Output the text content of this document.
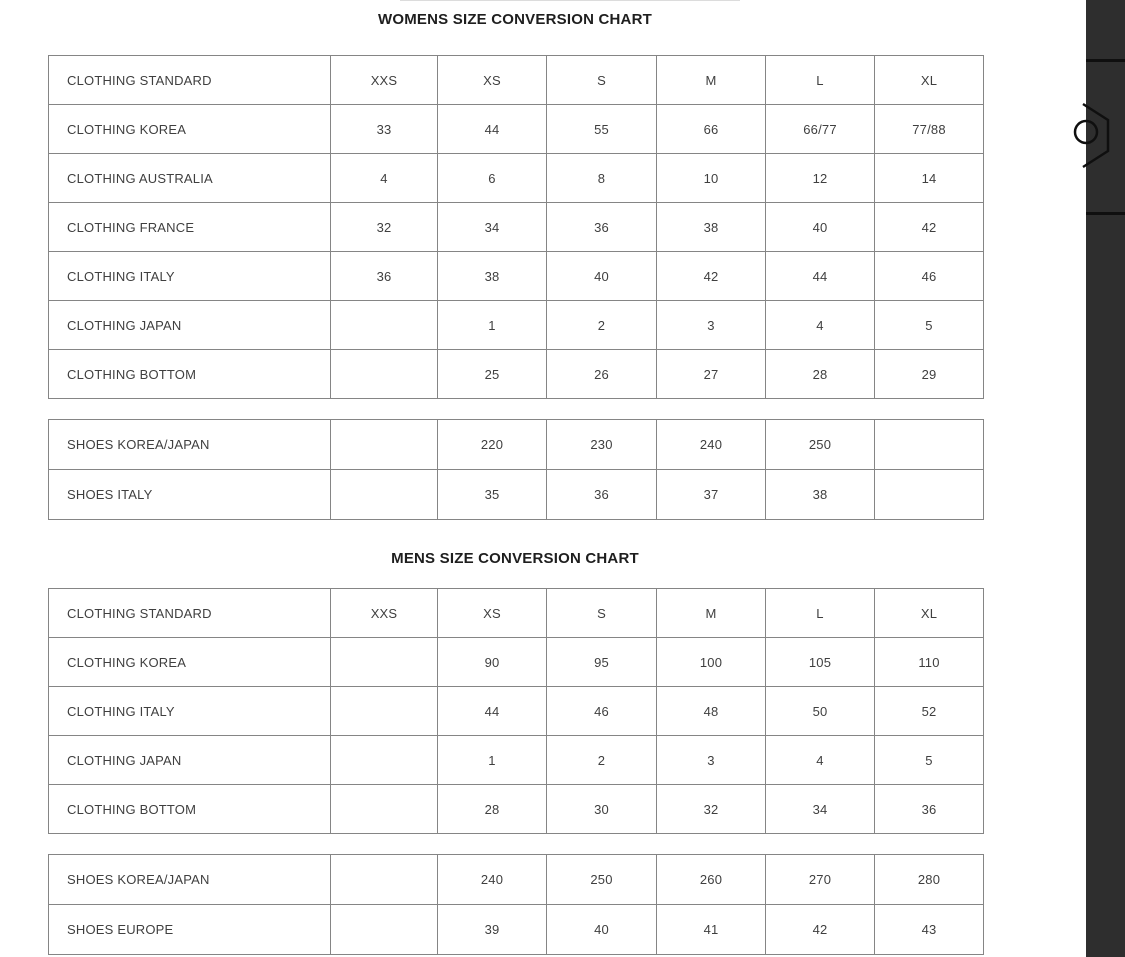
WOMENS SIZE CONVERSION CHART
CLOTHING STANDARD	XXS	XS	S	M	L	XL
CLOTHING KOREA	33	44	55	66	66/77	77/88
CLOTHING AUSTRALIA	4	6	8	10	12	14
CLOTHING FRANCE	32	34	36	38	40	42
CLOTHING ITALY	36	38	40	42	44	46
CLOTHING JAPAN		1	2	3	4	5
CLOTHING BOTTOM		25	26	27	28	29
SHOES KOREA/JAPAN		220	230	240	250	
SHOES ITALY		35	36	37	38	
MENS SIZE CONVERSION CHART
CLOTHING STANDARD	XXS	XS	S	M	L	XL
CLOTHING KOREA		90	95	100	105	110
CLOTHING ITALY		44	46	48	50	52
CLOTHING JAPAN		1	2	3	4	5
CLOTHING BOTTOM		28	30	32	34	36
SHOES KOREA/JAPAN		240	250	260	270	280
SHOES EUROPE		39	40	41	42	43
